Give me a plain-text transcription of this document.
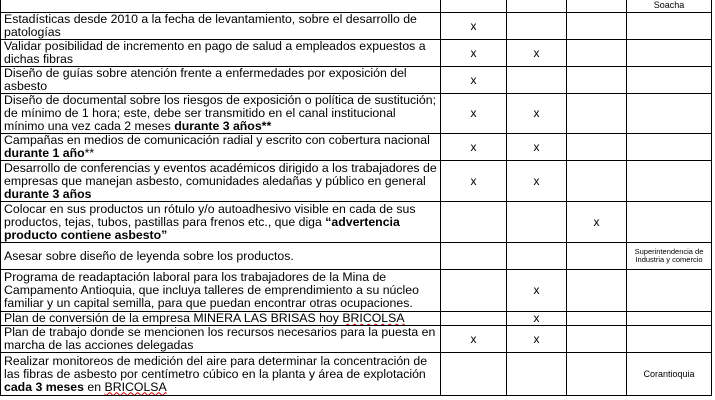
				Soacha
Estadísticas desde 2010 a la fecha de levantamiento, sobre el desarrollo de patologías	x			
Validar posibilidad de incremento en pago de salud a empleados expuestos a dichas fibras	x	x		
Diseño de guías sobre atención frente a enfermedades por exposición del asbesto	x			
Diseño de documental sobre los riesgos de exposición o política de sustitución; de mínimo de 1 hora; este, debe ser transmitido en el canal institucional mínimo una vez cada 2 meses durante 3 años**	x	x		
Campañas en medios de comunicación radial y escrito con cobertura nacional durante 1 año**	x	x		
Desarrollo de conferencias y eventos académicos dirigido a los trabajadores de empresas que manejan asbesto, comunidades aledañas y público en general durante 3 años	x	x		
Colocar en sus productos un rótulo y/o autoadhesivo visible en cada de sus productos, tejas, tubos, pastillas para frenos etc., que diga “advertencia producto contiene asbesto”			x	
Asesar sobre diseño de leyenda sobre los productos.				Superintendencia de Industria y comercio
Programa de readaptación laboral para los trabajadores de la Mina de Campamento Antioquia, que incluya talleres de emprendimiento a su núcleo familiar y un capital semilla, para que puedan encontrar otras ocupaciones.		x		
Plan de conversión de la empresa MINERA LAS BRISAS hoy BRICOLSA		x		
Plan de trabajo donde se mencionen los recursos necesarios para la puesta en marcha de las acciones delegadas	x	x		
Realizar monitoreos de medición del aire para determinar la concentración de las fibras de asbesto por centímetro cúbico en la planta y área de explotación cada 3 meses en BRICOLSA				Corantioquia
